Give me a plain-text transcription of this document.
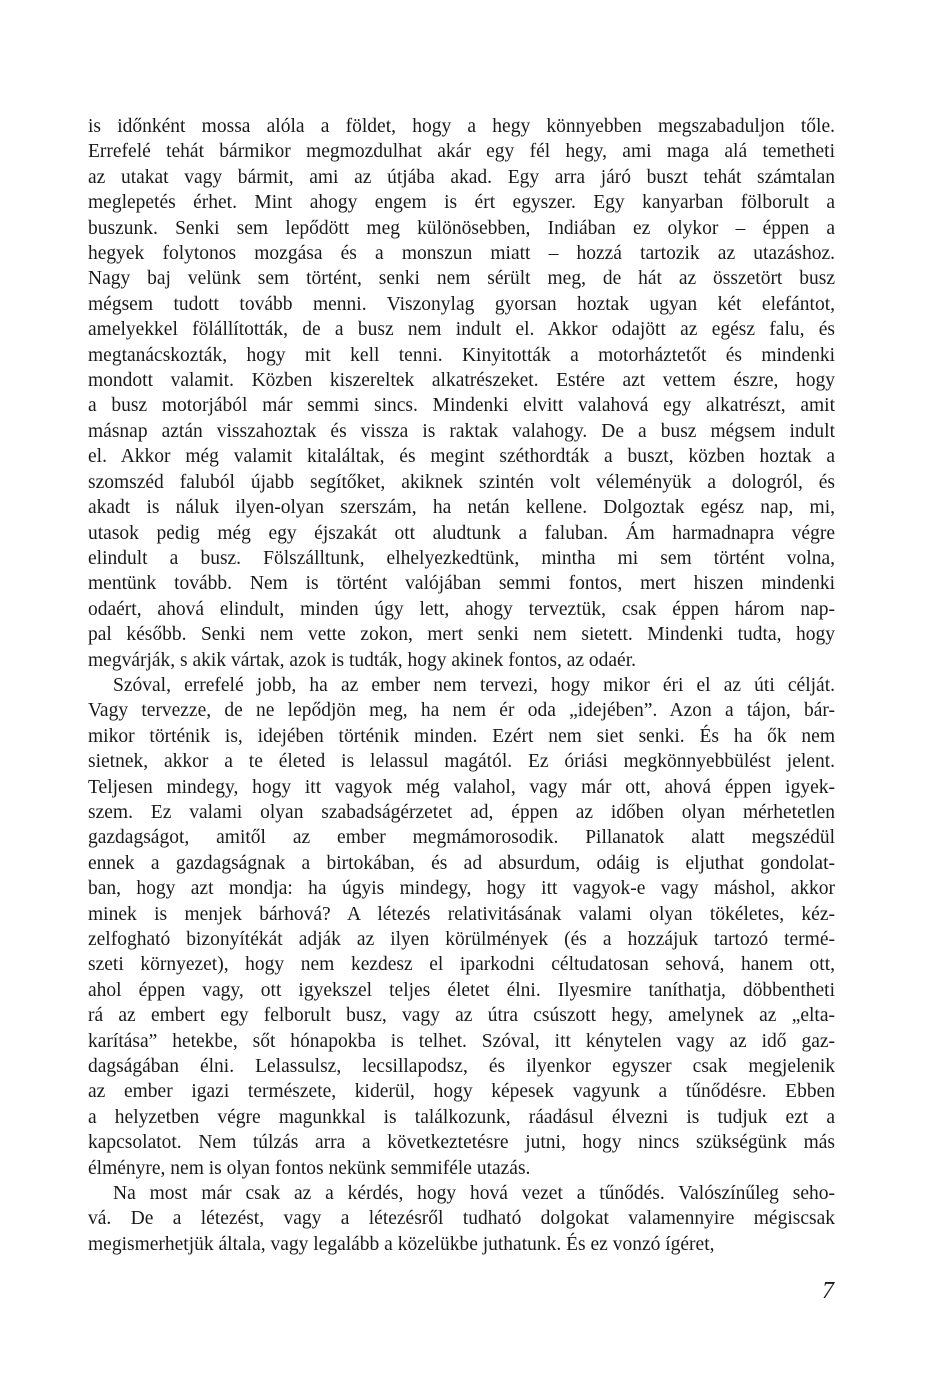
is időnként mossa alóla a földet, hogy a hegy könnyebben megszabaduljon tőle.
Errefelé tehát bármikor megmozdulhat akár egy fél hegy, ami maga alá temetheti
az utakat vagy bármit, ami az útjába akad. Egy arra járó buszt tehát számtalan
meglepetés érhet. Mint ahogy engem is ért egyszer. Egy kanyarban fölborult a
buszunk. Senki sem lepődött meg különösebben, Indiában ez olykor – éppen a
hegyek folytonos mozgása és a monszun miatt – hozzá tartozik az utazáshoz.
Nagy baj velünk sem történt, senki nem sérült meg, de hát az összetört busz
mégsem tudott tovább menni. Viszonylag gyorsan hoztak ugyan két elefántot,
amelyekkel fölállították, de a busz nem indult el. Akkor odajött az egész falu, és
megtanácskozták, hogy mit kell tenni. Kinyitották a motorháztetőt és mindenki
mondott valamit. Közben kiszereltek alkatrészeket. Estére azt vettem észre, hogy
a busz motorjából már semmi sincs. Mindenki elvitt valahová egy alkatrészt, amit
másnap aztán visszahoztak és vissza is raktak valahogy. De a busz mégsem indult
el. Akkor még valamit kitaláltak, és megint széthordták a buszt, közben hoztak a
szomszéd faluból újabb segítőket, akiknek szintén volt véleményük a dologról, és
akadt is náluk ilyen-olyan szerszám, ha netán kellene. Dolgoztak egész nap, mi,
utasok pedig még egy éjszakát ott aludtunk a faluban. Ám harmadnapra végre
elindult a busz. Fölszálltunk, elhelyezkedtünk, mintha mi sem történt volna,
mentünk tovább. Nem is történt valójában semmi fontos, mert hiszen mindenki
odaért, ahová elindult, minden úgy lett, ahogy terveztük, csak éppen három nap-
pal később. Senki nem vette zokon, mert senki nem sietett. Mindenki tudta, hogy
megvárják, s akik vártak, azok is tudták, hogy akinek fontos, az odaér.
Szóval, errefelé jobb, ha az ember nem tervezi, hogy mikor éri el az úti célját.
Vagy tervezze, de ne lepődjön meg, ha nem ér oda „idejében”. Azon a tájon, bár-
mikor történik is, idejében történik minden. Ezért nem siet senki. És ha ők nem
sietnek, akkor a te életed is lelassul magától. Ez óriási megkönnyebbülést jelent.
Teljesen mindegy, hogy itt vagyok még valahol, vagy már ott, ahová éppen igyek-
szem. Ez valami olyan szabadságérzetet ad, éppen az időben olyan mérhetetlen
gazdagságot, amitől az ember megmámorosodik. Pillanatok alatt megszédül
ennek a gazdagságnak a birtokában, és ad absurdum, odáig is eljuthat gondolat-
ban, hogy azt mondja: ha úgyis mindegy, hogy itt vagyok-e vagy máshol, akkor
minek is menjek bárhová? A létezés relativitásának valami olyan tökéletes, kéz-
zelfogható bizonyítékát adják az ilyen körülmények (és a hozzájuk tartozó termé-
szeti környezet), hogy nem kezdesz el iparkodni céltudatosan sehová, hanem ott,
ahol éppen vagy, ott igyekszel teljes életet élni. Ilyesmire taníthatja, döbbentheti
rá az embert egy felborult busz, vagy az útra csúszott hegy, amelynek az „elta-
karítása” hetekbe, sőt hónapokba is telhet. Szóval, itt kénytelen vagy az idő gaz-
dagságában élni. Lelassulsz, lecsillapodsz, és ilyenkor egyszer csak megjelenik
az ember igazi természete, kiderül, hogy képesek vagyunk a tűnődésre. Ebben
a helyzetben végre magunkkal is találkozunk, ráadásul élvezni is tudjuk ezt a
kapcsolatot. Nem túlzás arra a következtetésre jutni, hogy nincs szükségünk más
élményre, nem is olyan fontos nekünk semmiféle utazás.
Na most már csak az a kérdés, hogy hová vezet a tűnődés. Valószínűleg seho-
vá. De a létezést, vagy a létezésről tudható dolgokat valamennyire mégiscsak
megismerhetjük általa, vagy legalább a közelükbe juthatunk. És ez vonzó ígéret,
7
